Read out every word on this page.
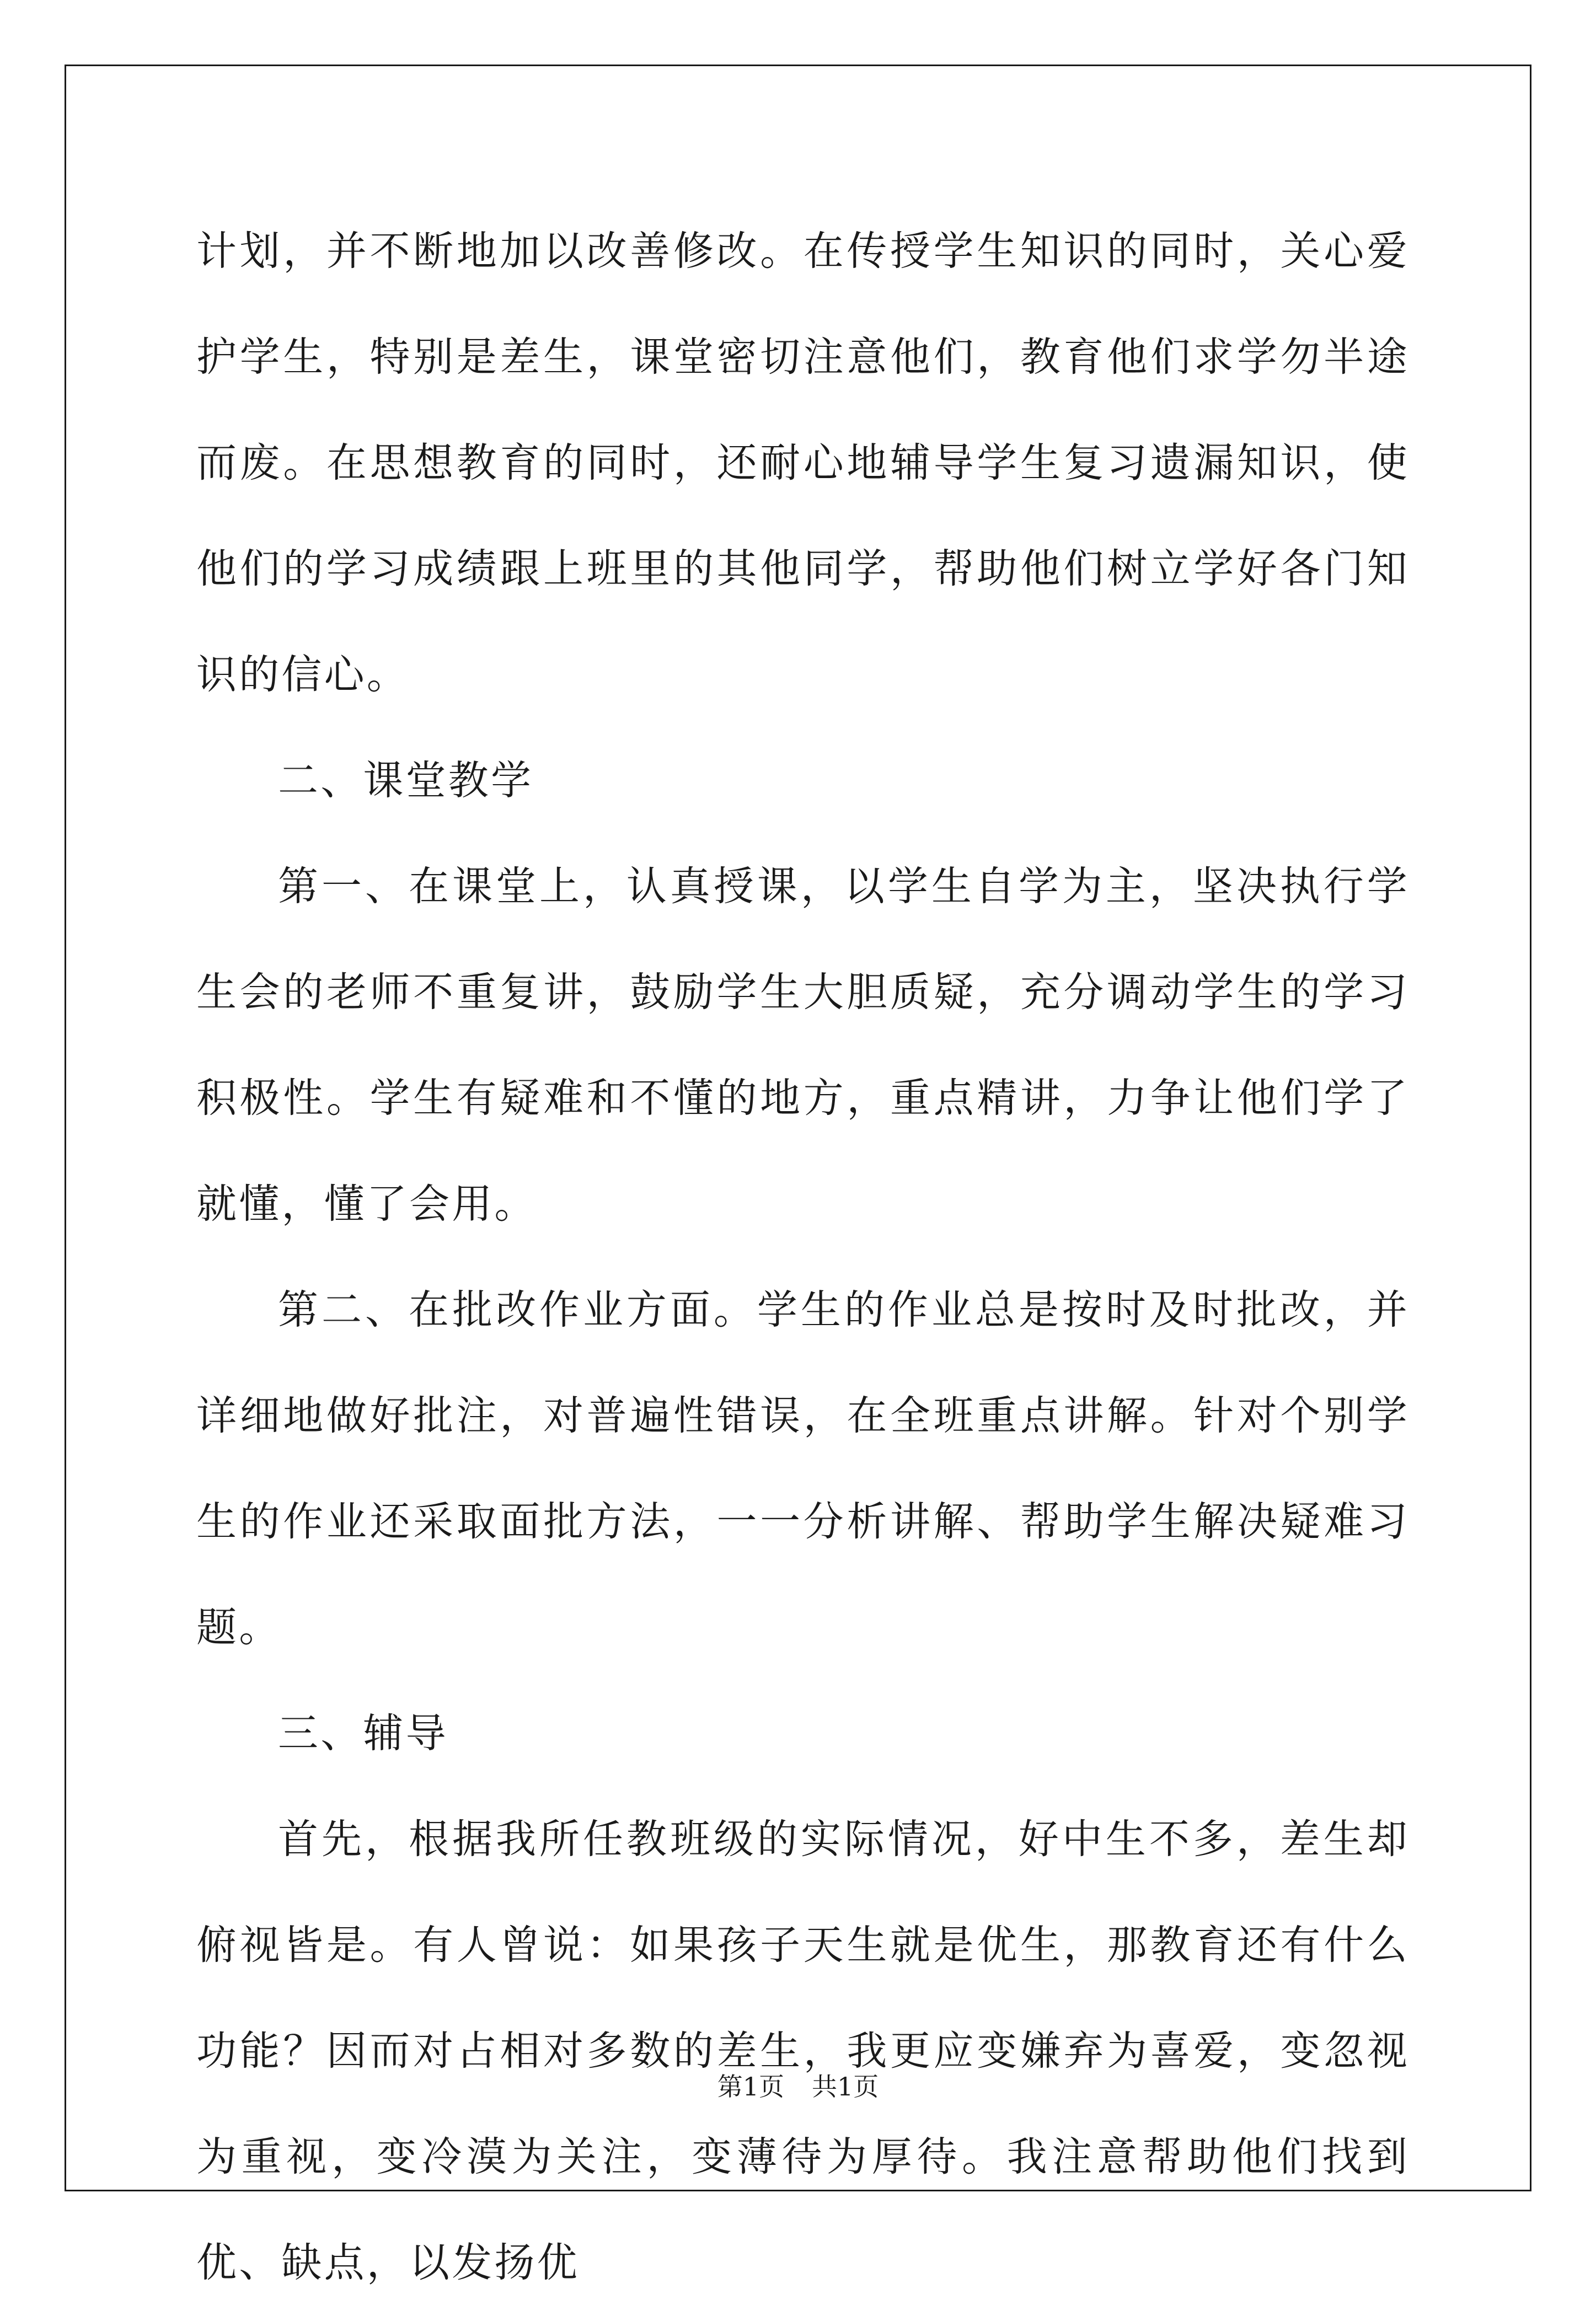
计划，并不断地加以改善修改。在传授学生知识的同时，关心爱护学生，特别是差生，课堂密切注意他们，教育他们求学勿半途而废。在思想教育的同时，还耐心地辅导学生复习遗漏知识，使他们的学习成绩跟上班里的其他同学，帮助他们树立学好各门知识的信心。

二、课堂教学

第一、在课堂上，认真授课，以学生自学为主，坚决执行学生会的老师不重复讲，鼓励学生大胆质疑，充分调动学生的学习积极性。学生有疑难和不懂的地方，重点精讲，力争让他们学了就懂，懂了会用。

第二、在批改作业方面。学生的作业总是按时及时批改，并详细地做好批注，对普遍性错误，在全班重点讲解。针对个别学生的作业还采取面批方法，一一分析讲解、帮助学生解决疑难习题。

三、辅导

首先，根据我所任教班级的实际情况，好中生不多，差生却俯视皆是。有人曾说：如果孩子天生就是优生，那教育还有什么功能？因而对占相对多数的差生，我更应变嫌弃为喜爱，变忽视为重视，变冷漠为关注，变薄待为厚待。我注意帮助他们找到优、缺点，以发扬优

第1页 共1页
